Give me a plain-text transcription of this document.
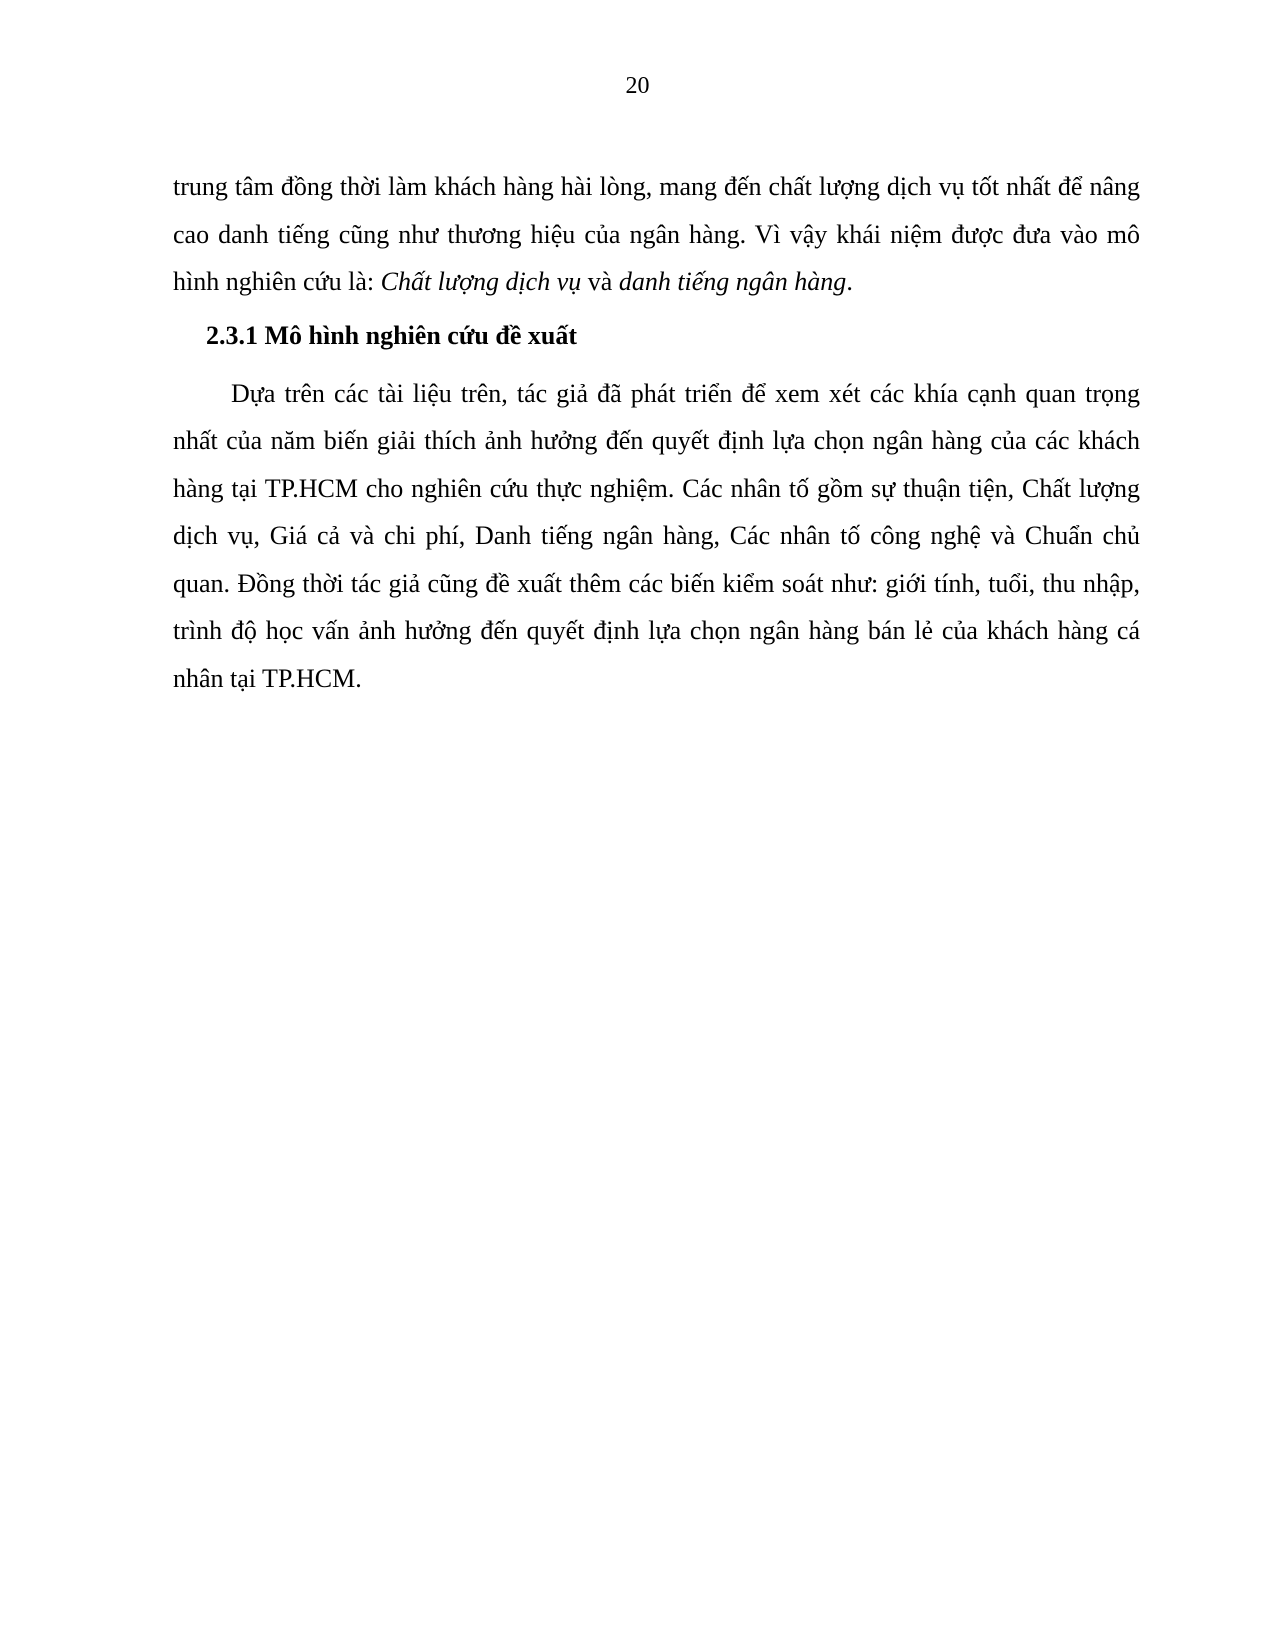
20

trung tâm đồng thời làm khách hàng hài lòng, mang đến chất lượng dịch vụ tốt nhất để nâng cao danh tiếng cũng như thương hiệu của ngân hàng. Vì vậy khái niệm được đưa vào mô hình nghiên cứu là: Chất lượng dịch vụ và danh tiếng ngân hàng.

2.3.1 Mô hình nghiên cứu đề xuất

Dựa trên các tài liệu trên, tác giả đã phát triển để xem xét các khía cạnh quan trọng nhất của năm biến giải thích ảnh hưởng đến quyết định lựa chọn ngân hàng của các khách hàng tại TP.HCM cho nghiên cứu thực nghiệm. Các nhân tố gồm sự thuận tiện, Chất lượng dịch vụ, Giá cả và chi phí, Danh tiếng ngân hàng, Các nhân tố công nghệ và Chuẩn chủ quan. Đồng thời tác giả cũng đề xuất thêm các biến kiểm soát như: giới tính, tuổi, thu nhập, trình độ học vấn ảnh hưởng đến quyết định lựa chọn ngân hàng bán lẻ của khách hàng cá nhân tại TP.HCM.
